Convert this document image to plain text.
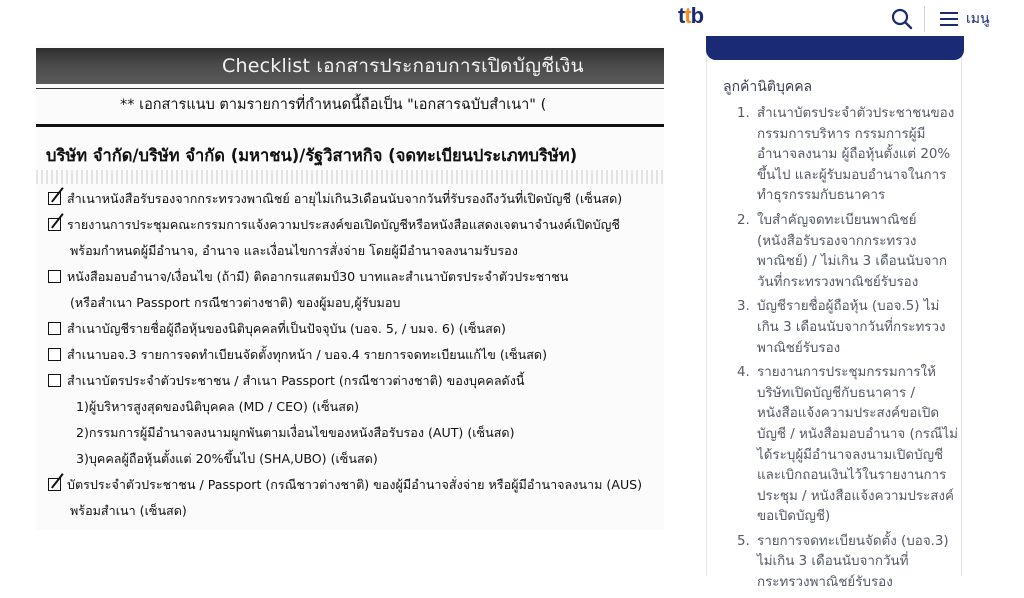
Checklist เอกสารประกอบการเปิดบัญชีเงิน
** เอกสารแนบ ตามรายการที่กำหนดนี้ถือเป็น "เอกสารฉบับสำเนา" (
บริษัท จำกัด/บริษัท จำกัด (มหาชน)/รัฐวิสาหกิจ (จดทะเบียนประเภทบริษัท)
สำเนาหนังสือรับรองจากกระทรวงพาณิชย์ อายุไม่เกิน3เดือนนับจากวันที่รับรองถึงวันที่เปิดบัญชี (เซ็นสด)
รายงานการประชุมคณะกรรมการแจ้งความประสงค์ขอเปิดบัญชีหรือหนังสือแสดงเจตนาจำนงค์เปิดบัญชี
พร้อมกำหนดผู้มีอำนาจ, อำนาจ และเงื่อนไขการสั่งจ่าย โดยผู้มีอำนาจลงนามรับรอง
หนังสือมอบอำนาจ/เงื่อนไข (ถ้ามี) ติดอากรแสตมป์30 บาทและสำเนาบัตรประจำตัวประชาชน
(หรือสำเนา Passport กรณีชาวต่างชาติ) ของผู้มอบ,ผู้รับมอบ
สำเนาบัญชีรายชื่อผู้ถือหุ้นของนิติบุคคลที่เป็นปัจจุบัน (บอจ. 5, / บมจ. 6) (เซ็นสด)
สำเนาบอจ.3 รายการจดทำเบียนจัดตั้งทุกหน้า / บอจ.4 รายการจดทะเบียนแก้ไข (เซ็นสด)
สำเนาบัตรประจำตัวประชาชน / สำเนา Passport (กรณีชาวต่างชาติ) ของบุคคลดังนี้
1)ผู้บริหารสูงสุดของนิติบุคคล (MD / CEO) (เซ็นสด)
2)กรรมการผู้มีอำนาจลงนามผูกพันตามเงื่อนไขของหนังสือรับรอง (AUT) (เซ็นสด)
3)บุคคลผู้ถือหุ้นตั้งแต่ 20%ขึ้นไป (SHA,UBO) (เซ็นสด)
บัตรประจำตัวประชาชน / Passport (กรณีชาวต่างชาติ) ของผู้มีอำนาจสั่งจ่าย หรือผู้มีอำนาจลงนาม (AUS)
พร้อมสำเนา (เซ็นสด)
ttb	เมนู
ลูกค้านิติบุคคล
1. สำเนาบัตรประจำตัวประชาชนของกรรมการบริหาร กรรมการผู้มีอำนาจลงนาม ผู้ถือหุ้นตั้งแต่ 20% ขึ้นไป และผู้รับมอบอำนาจในการทำธุรกรรมกับธนาคาร
2. ใบสำคัญจดทะเบียนพาณิชย์ (หนังสือรับรองจากกระทรวงพาณิชย์) / ไม่เกิน 3 เดือนนับจากวันที่กระทรวงพาณิชย์รับรอง
3. บัญชีรายชื่อผู้ถือหุ้น (บอจ.5) ไม่เกิน 3 เดือนนับจากวันที่กระทรวงพาณิชย์รับรอง
4. รายงานการประชุมกรรมการให้บริษัทเปิดบัญชีกับธนาคาร / หนังสือแจ้งความประสงค์ขอเปิดบัญชี / หนังสือมอบอำนาจ (กรณีไม่ได้ระบุผู้มีอำนาจลงนามเปิดบัญชีและเบิกถอนเงินไว้ในรายงานการประชุม / หนังสือแจ้งความประสงค์ขอเปิดบัญชี)
5. รายการจดทะเบียนจัดตั้ง (บอจ.3) ไม่เกิน 3 เดือนนับจากวันที่กระทรวงพาณิชย์รับรอง
